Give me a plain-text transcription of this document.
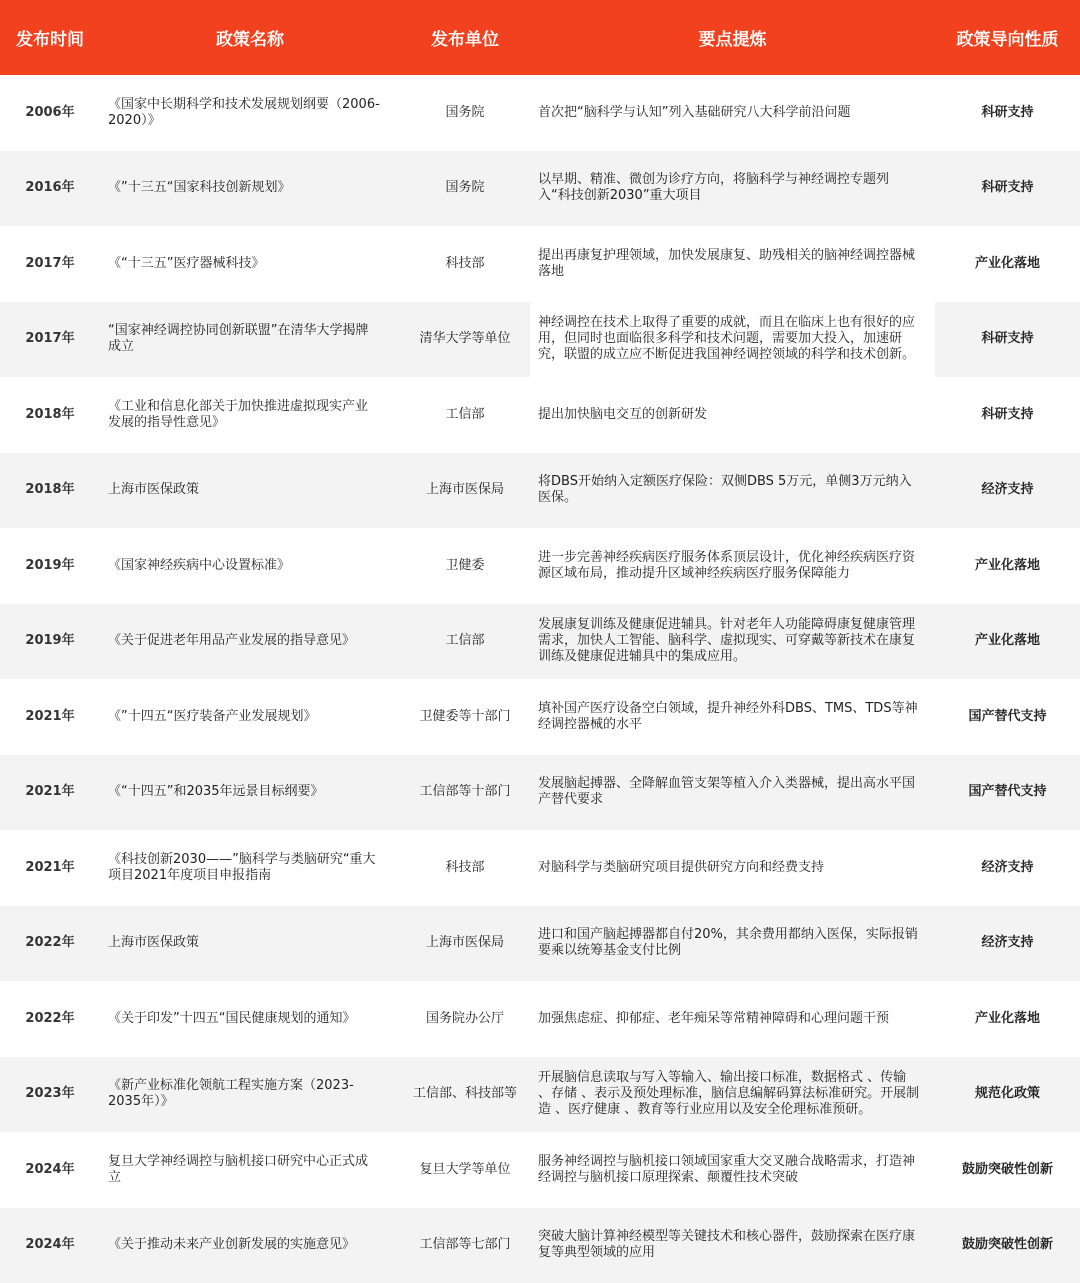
发布时间	政策名称	发布单位	要点提炼	政策导向性质
2006年	《国家中长期科学和技术发展规划纲要（2006-2020）》	国务院	首次把“脑科学与认知”列入基础研究八大科学前沿问题	科研支持
2016年	《”十三五“国家科技创新规划》	国务院	以早期、精准、微创为诊疗方向，将脑科学与神经调控专题列入“科技创新2030”重大项目	科研支持
2017年	《“十三五”医疗器械科技》	科技部	提出再康复护理领域，加快发展康复、助残相关的脑神经调控器械落地	产业化落地
2017年	“国家神经调控协同创新联盟”在清华大学揭牌成立	清华大学等单位	神经调控在技术上取得了重要的成就，而且在临床上也有很好的应用，但同时也面临很多科学和技术问题，需要加大投入，加速研究，联盟的成立应不断促进我国神经调控领域的科学和技术创新。	科研支持
2018年	《工业和信息化部关于加快推进虚拟现实产业发展的指导性意见》	工信部	提出加快脑电交互的创新研发	科研支持
2018年	上海市医保政策	上海市医保局	将DBS开始纳入定额医疗保险：双侧DBS 5万元，单侧3万元纳入医保。	经济支持
2019年	《国家神经疾病中心设置标准》	卫健委	进一步完善神经疾病医疗服务体系顶层设计，优化神经疾病医疗资源区域布局，推动提升区域神经疾病医疗服务保障能力	产业化落地
2019年	《关于促进老年用品产业发展的指导意见》	工信部	发展康复训练及健康促进辅具。针对老年人功能障碍康复健康管理需求，加快人工智能、脑科学、虚拟现实、可穿戴等新技术在康复训练及健康促进辅具中的集成应用。	产业化落地
2021年	《”十四五“医疗装备产业发展规划》	卫健委等十部门	填补国产医疗设备空白领域，提升神经外科DBS、TMS、TDS等神经调控器械的水平	国产替代支持
2021年	《“十四五”和2035年远景目标纲要》	工信部等十部门	发展脑起搏器、全降解血管支架等植入介入类器械，提出高水平国产替代要求	国产替代支持
2021年	《科技创新2030——”脑科学与类脑研究“重大项目2021年度项目申报指南	科技部	对脑科学与类脑研究项目提供研究方向和经费支持	经济支持
2022年	上海市医保政策	上海市医保局	进口和国产脑起搏器都自付20%，其余费用都纳入医保，实际报销要乘以统筹基金支付比例	经济支持
2022年	《关于印发”十四五“国民健康规划的通知》	国务院办公厅	加强焦虑症、抑郁症、老年痴呆等常精神障碍和心理问题干预	产业化落地
2023年	《新产业标准化领航工程实施方案（2023-2035年）》	工信部、科技部等	开展脑信息读取与写入等输入、输出接口标准，数据格式 、传输 、存储 、表示及预处理标准，脑信息编解码算法标准研究。开展制造 、医疗健康 、教育等行业应用以及安全伦理标准预研。	规范化政策
2024年	复旦大学神经调控与脑机接口研究中心正式成立	复旦大学等单位	服务神经调控与脑机接口领域国家重大交叉融合战略需求，打造神经调控与脑机接口原理探索、颠覆性技术突破	鼓励突破性创新
2024年	《关于推动未来产业创新发展的实施意见》	工信部等七部门	突破大脑计算神经模型等关键技术和核心器件，鼓励探索在医疗康复等典型领域的应用	鼓励突破性创新
